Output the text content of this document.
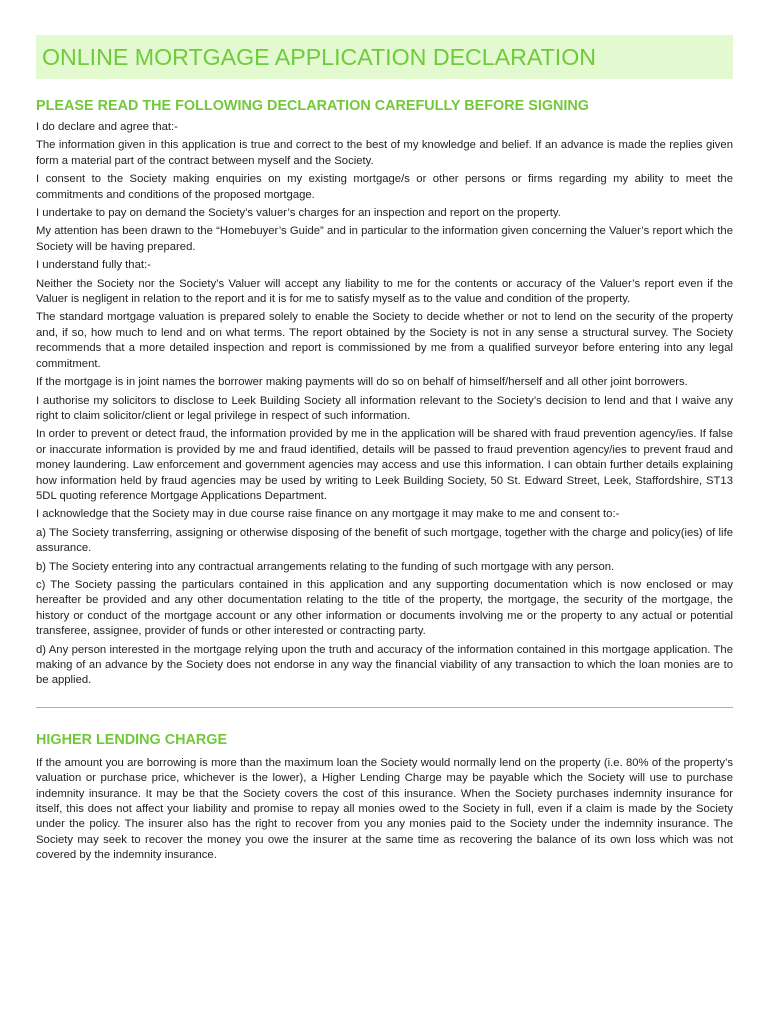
ONLINE MORTGAGE APPLICATION DECLARATION
PLEASE READ THE FOLLOWING DECLARATION CAREFULLY BEFORE SIGNING

I do declare and agree that:-

The information given in this application is true and correct to the best of my knowledge and belief. If an advance is made the replies given form a material part of the contract between myself and the Society.

I consent to the Society making enquiries on my existing mortgage/s or other persons or firms regarding my ability to meet the commitments and conditions of the proposed mortgage.

I undertake to pay on demand the Society’s valuer’s charges for an inspection and report on the property.

My attention has been drawn to the “Homebuyer’s Guide” and in particular to the information given concerning the Valuer’s report which the Society will be having prepared.

I understand fully that:-

Neither the Society nor the Society’s Valuer will accept any liability to me for the contents or accuracy of the Valuer’s report even if the Valuer is negligent in relation to the report and it is for me to satisfy myself as to the value and condition of the property.

The standard mortgage valuation is prepared solely to enable the Society to decide whether or not to lend on the security of the property and, if so, how much to lend and on what terms. The report obtained by the Society is not in any sense a structural survey. The Society recommends that a more detailed inspection and report is commissioned by me from a qualified surveyor before entering into any legal commitment.

If the mortgage is in joint names the borrower making payments will do so on behalf of himself/herself and all other joint borrowers.

I authorise my solicitors to disclose to Leek Building Society all information relevant to the Society’s decision to lend and that I waive any right to claim solicitor/client or legal privilege in respect of such information.

In order to prevent or detect fraud, the information provided by me in the application will be shared with fraud prevention agency/ies. If false or inaccurate information is provided by me and fraud identified, details will be passed to fraud prevention agency/ies to prevent fraud and money laundering. Law enforcement and government agencies may access and use this information. I can obtain further details explaining how information held by fraud agencies may be used by writing to Leek Building Society, 50 St. Edward Street, Leek, Staffordshire, ST13 5DL quoting reference Mortgage Applications Department.

I acknowledge that the Society may in due course raise finance on any mortgage it may make to me and consent to:-

a) The Society transferring, assigning or otherwise disposing of the benefit of such mortgage, together with the charge and policy(ies) of life assurance.

b) The Society entering into any contractual arrangements relating to the funding of such mortgage with any person.

c) The Society passing the particulars contained in this application and any supporting documentation which is now enclosed or may hereafter be provided and any other documentation relating to the title of the property, the mortgage, the security of the mortgage, the history or conduct of the mortgage account or any other information or documents involving me or the property to any actual or potential transferee, assignee, provider of funds or other interested or contracting party.

d) Any person interested in the mortgage relying upon the truth and accuracy of the information contained in this mortgage application. The making of an advance by the Society does not endorse in any way the financial viability of any transaction to which the loan monies are to be applied.

HIGHER LENDING CHARGE

If the amount you are borrowing is more than the maximum loan the Society would normally lend on the property (i.e. 80% of the property’s valuation or purchase price, whichever is the lower), a Higher Lending Charge may be payable which the Society will use to purchase indemnity insurance. It may be that the Society covers the cost of this insurance. When the Society purchases indemnity insurance for itself, this does not affect your liability and promise to repay all monies owed to the Society in full, even if a claim is made by the Society under the policy. The insurer also has the right to recover from you any monies paid to the Society under the indemnity insurance. The Society may seek to recover the money you owe the insurer at the same time as recovering the balance of its own loss which was not covered by the indemnity insurance.
